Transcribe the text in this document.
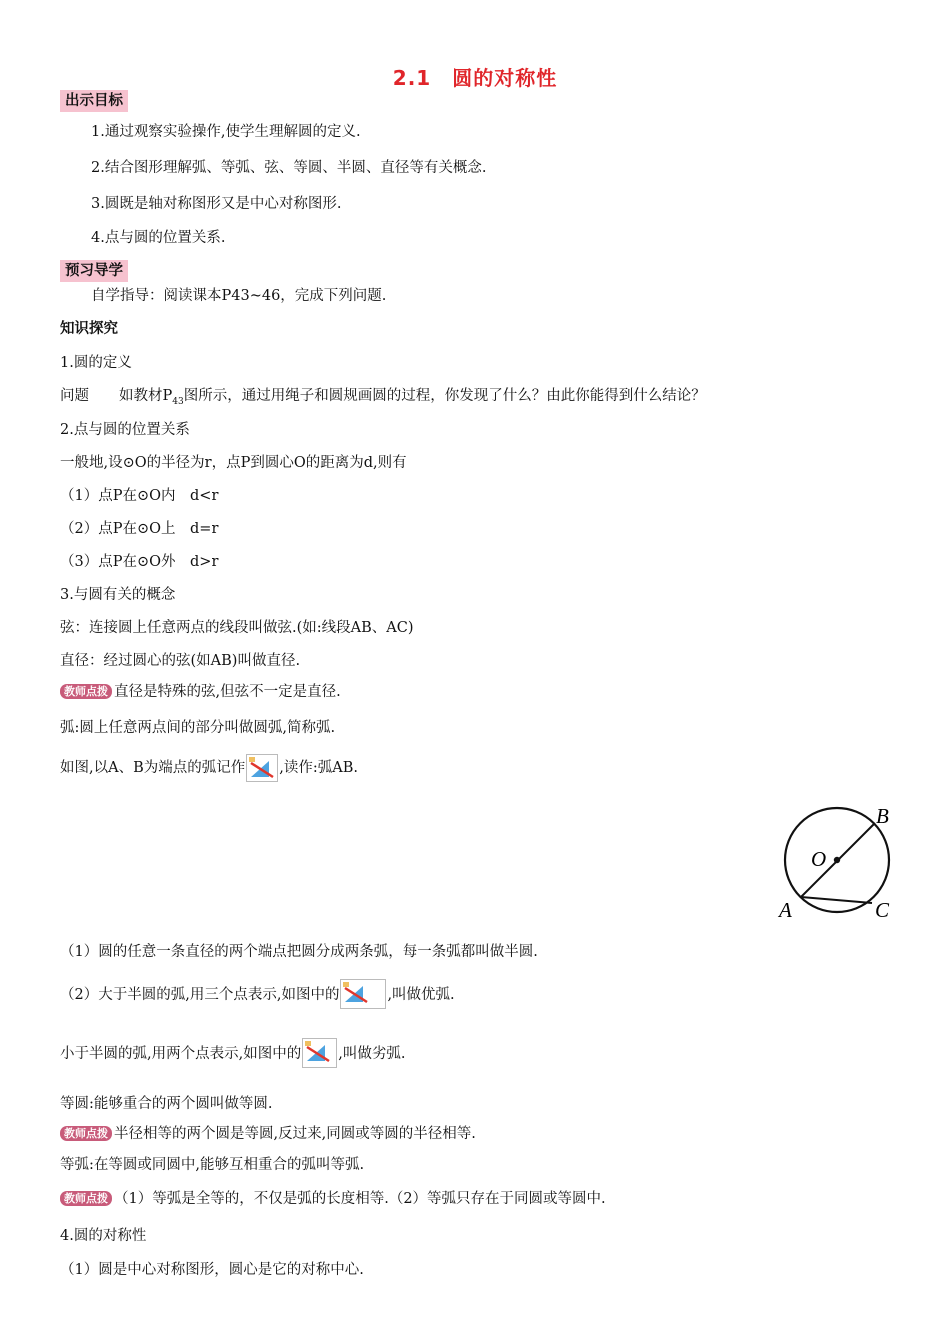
2.1　圆的对称性
出示目标
1.通过观察实验操作,使学生理解圆的定义.
2.结合图形理解弧、等弧、弦、等圆、半圆、直径等有关概念.
3.圆既是轴对称图形又是中心对称图形.
4.点与圆的位置关系.
预习导学
自学指导：阅读课本P43~46，完成下列问题.
知识探究
1.圆的定义
问题 如教材$P_{43}$图所示，通过用绳子和圆规画圆的过程，你发现了什么？由此你能得到什么结论？
2.点与圆的位置关系
一般地,设⊙O的半径为r，点P到圆心O的距离为d,则有
（1）点P在⊙O内　d<r
（2）点P在⊙O上　d=r
（3）点P在⊙O外　d>r
3.与圆有关的概念
弦：连接圆上任意两点的线段叫做弦.(如:线段AB、AC)
直径：经过圆心的弦(如AB)叫做直径.
教师点拨 直径是特殊的弦,但弦不一定是直径.
弧:圆上任意两点间的部分叫做圆弧,简称弧.
如图,以A、B为端点的弧记作 ,读作:弧AB.
O
B
A	C
（1）圆的任意一条直径的两个端点把圆分成两条弧，每一条弧都叫做半圆.
（2）大于半圆的弧,用三个点表示,如图中的	,叫做优弧.
小于半圆的弧,用两个点表示,如图中的	,叫做劣弧.
等圆:能够重合的两个圆叫做等圆.
教师点拨 半径相等的两个圆是等圆,反过来,同圆或等圆的半径相等.
等弧:在等圆或同圆中,能够互相重合的弧叫等弧.
教师点拨 （1）等弧是全等的，不仅是弧的长度相等.（2）等弧只存在于同圆或等圆中.
4.圆的对称性
（1）圆是中心对称图形，圆心是它的对称中心.
